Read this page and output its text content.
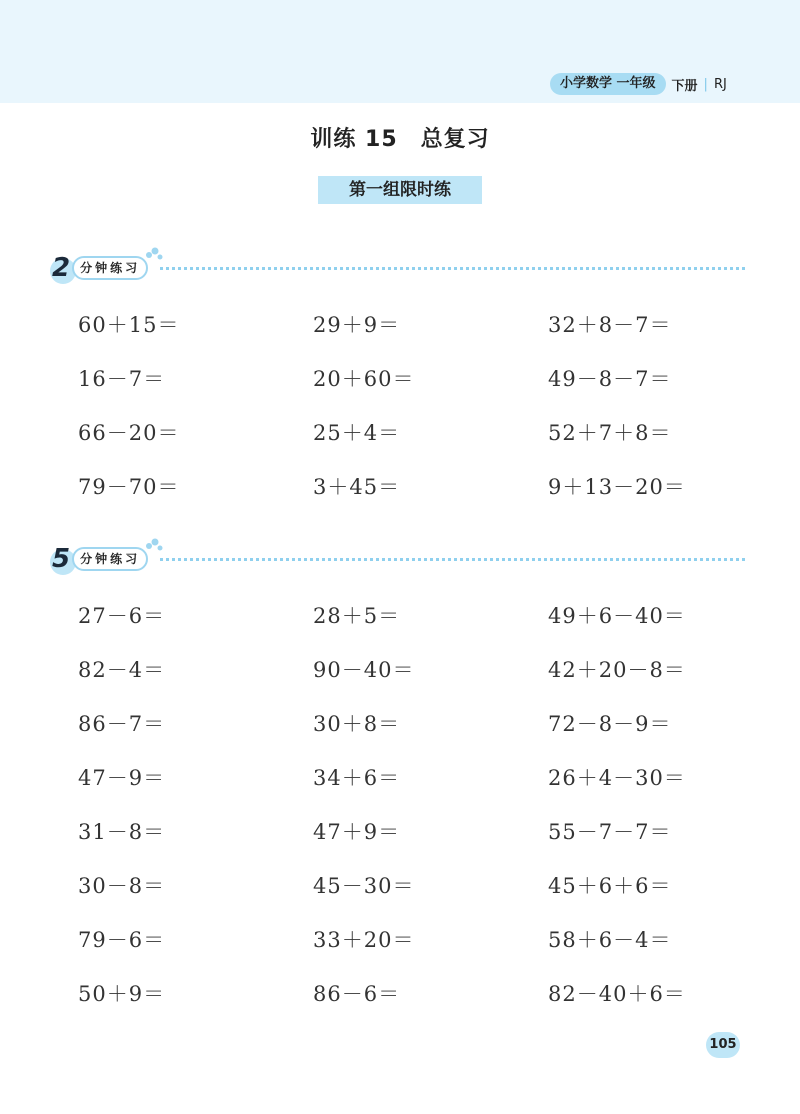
小学数学 一年级	下册 | RJ
训练 15　总复习
第一组限时练
2 分钟练习
60＋15＝	29＋9＝	32＋8－7＝
16－7＝	20＋60＝	49－8－7＝
66－20＝	25＋4＝	52＋7＋8＝
79－70＝	3＋45＝	9＋13－20＝
5 分钟练习
27－6＝	28＋5＝	49＋6－40＝
82－4＝	90－40＝	42＋20－8＝
86－7＝	30＋8＝	72－8－9＝
47－9＝	34＋6＝	26＋4－30＝
31－8＝	47＋9＝	55－7－7＝
30－8＝	45－30＝	45＋6＋6＝
79－6＝	33＋20＝	58＋6－4＝
50＋9＝	86－6＝	82－40＋6＝
105
